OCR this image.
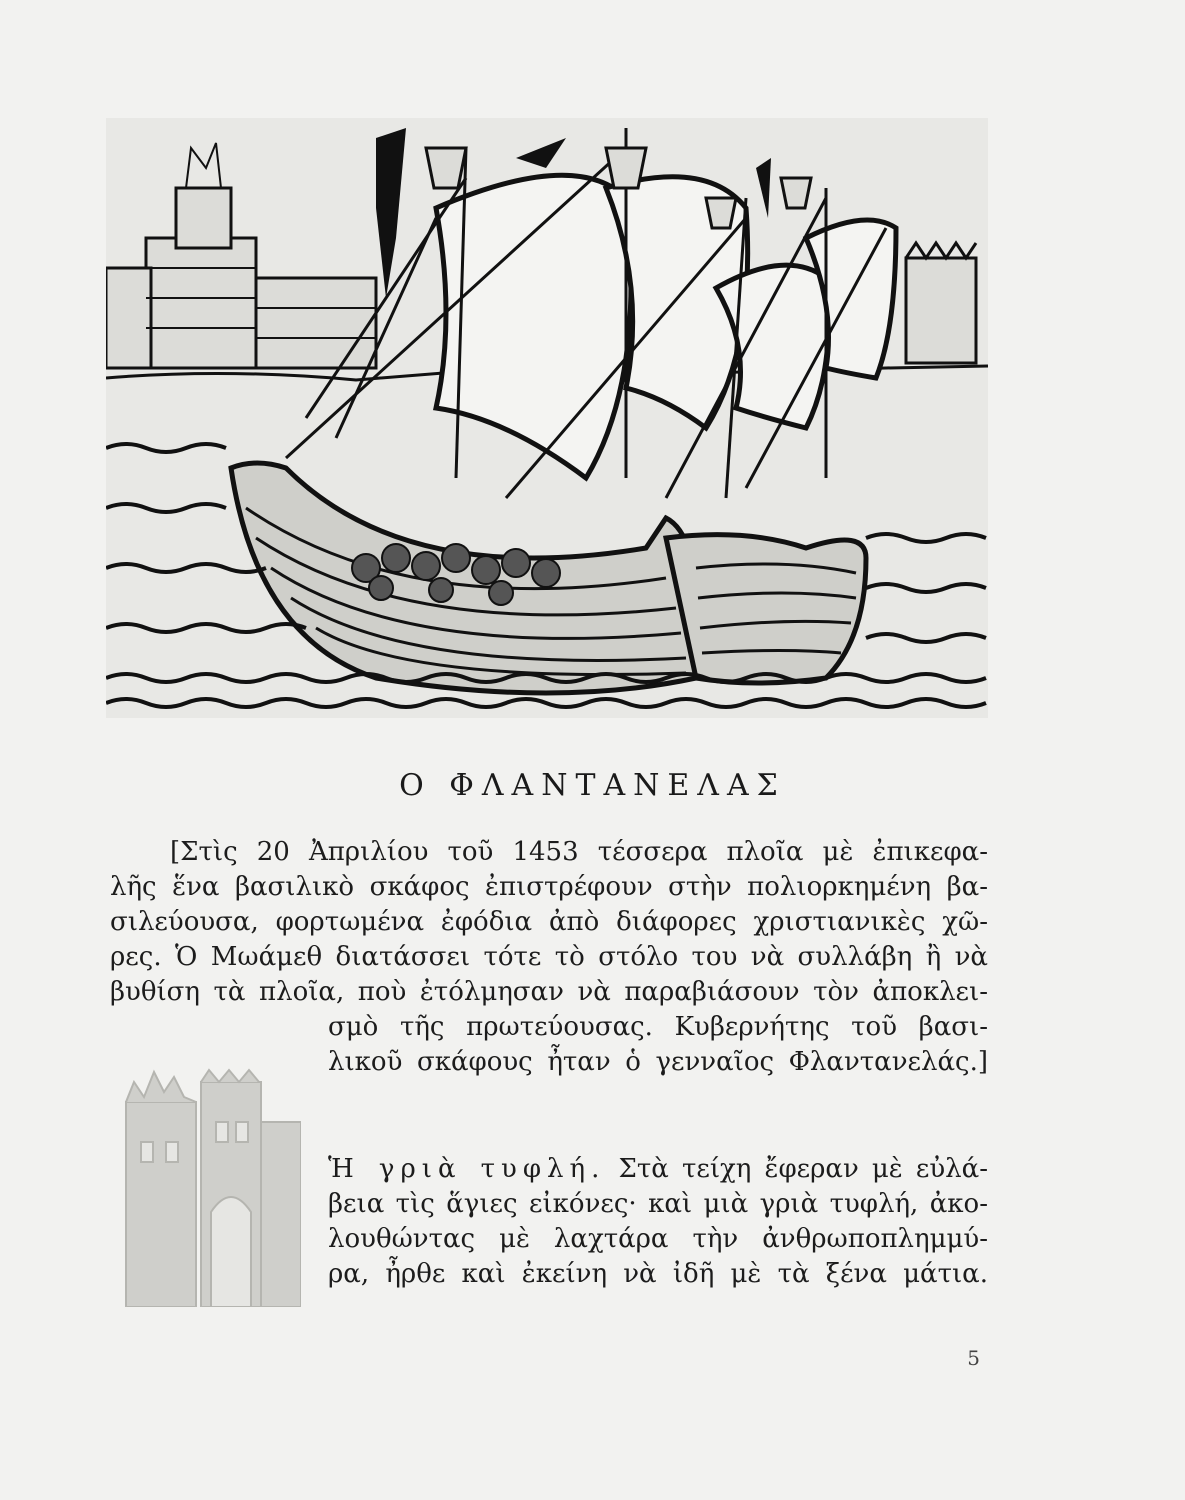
Ο ΦΛΑΝΤΑΝΕΛΑΣ
[Στὶς 20 Ἀπριλίου τοῦ 1453 τέσσερα πλοῖα μὲ ἐπικεφα-
λῆς ἕνα βασιλικὸ σκάφος ἐπιστρέφουν στὴν πολιορκημένη βα-
σιλεύουσα, φορτωμένα ἐφόδια ἀπὸ διάφορες χριστιανικὲς χῶ-
ρες. Ὁ Μωάμεθ διατάσσει τότε τὸ στόλο του νὰ συλλάβη ἢ νὰ
βυθίση τὰ πλοῖα, ποὺ ἐτόλμησαν νὰ παραβιάσουν τὸν ἀποκλει-
σμὸ τῆς πρωτεύουσας. Κυβερνήτης τοῦ βασι-
λικοῦ σκάφους ἦταν ὁ γενναῖος Φλαντανελάς.]
Ἡ γριὰ τυφλή. Στὰ τείχη ἔφεραν μὲ εὐλά-
βεια τὶς ἅγιες εἰκόνες· καὶ μιὰ γριὰ τυφλή, ἀκο-
λουθώντας μὲ λαχτάρα τὴν ἀνθρωποπλημμύ-
ρα, ἦρθε καὶ ἐκείνη νὰ ἰδῆ μὲ τὰ ξένα μάτια.
5
